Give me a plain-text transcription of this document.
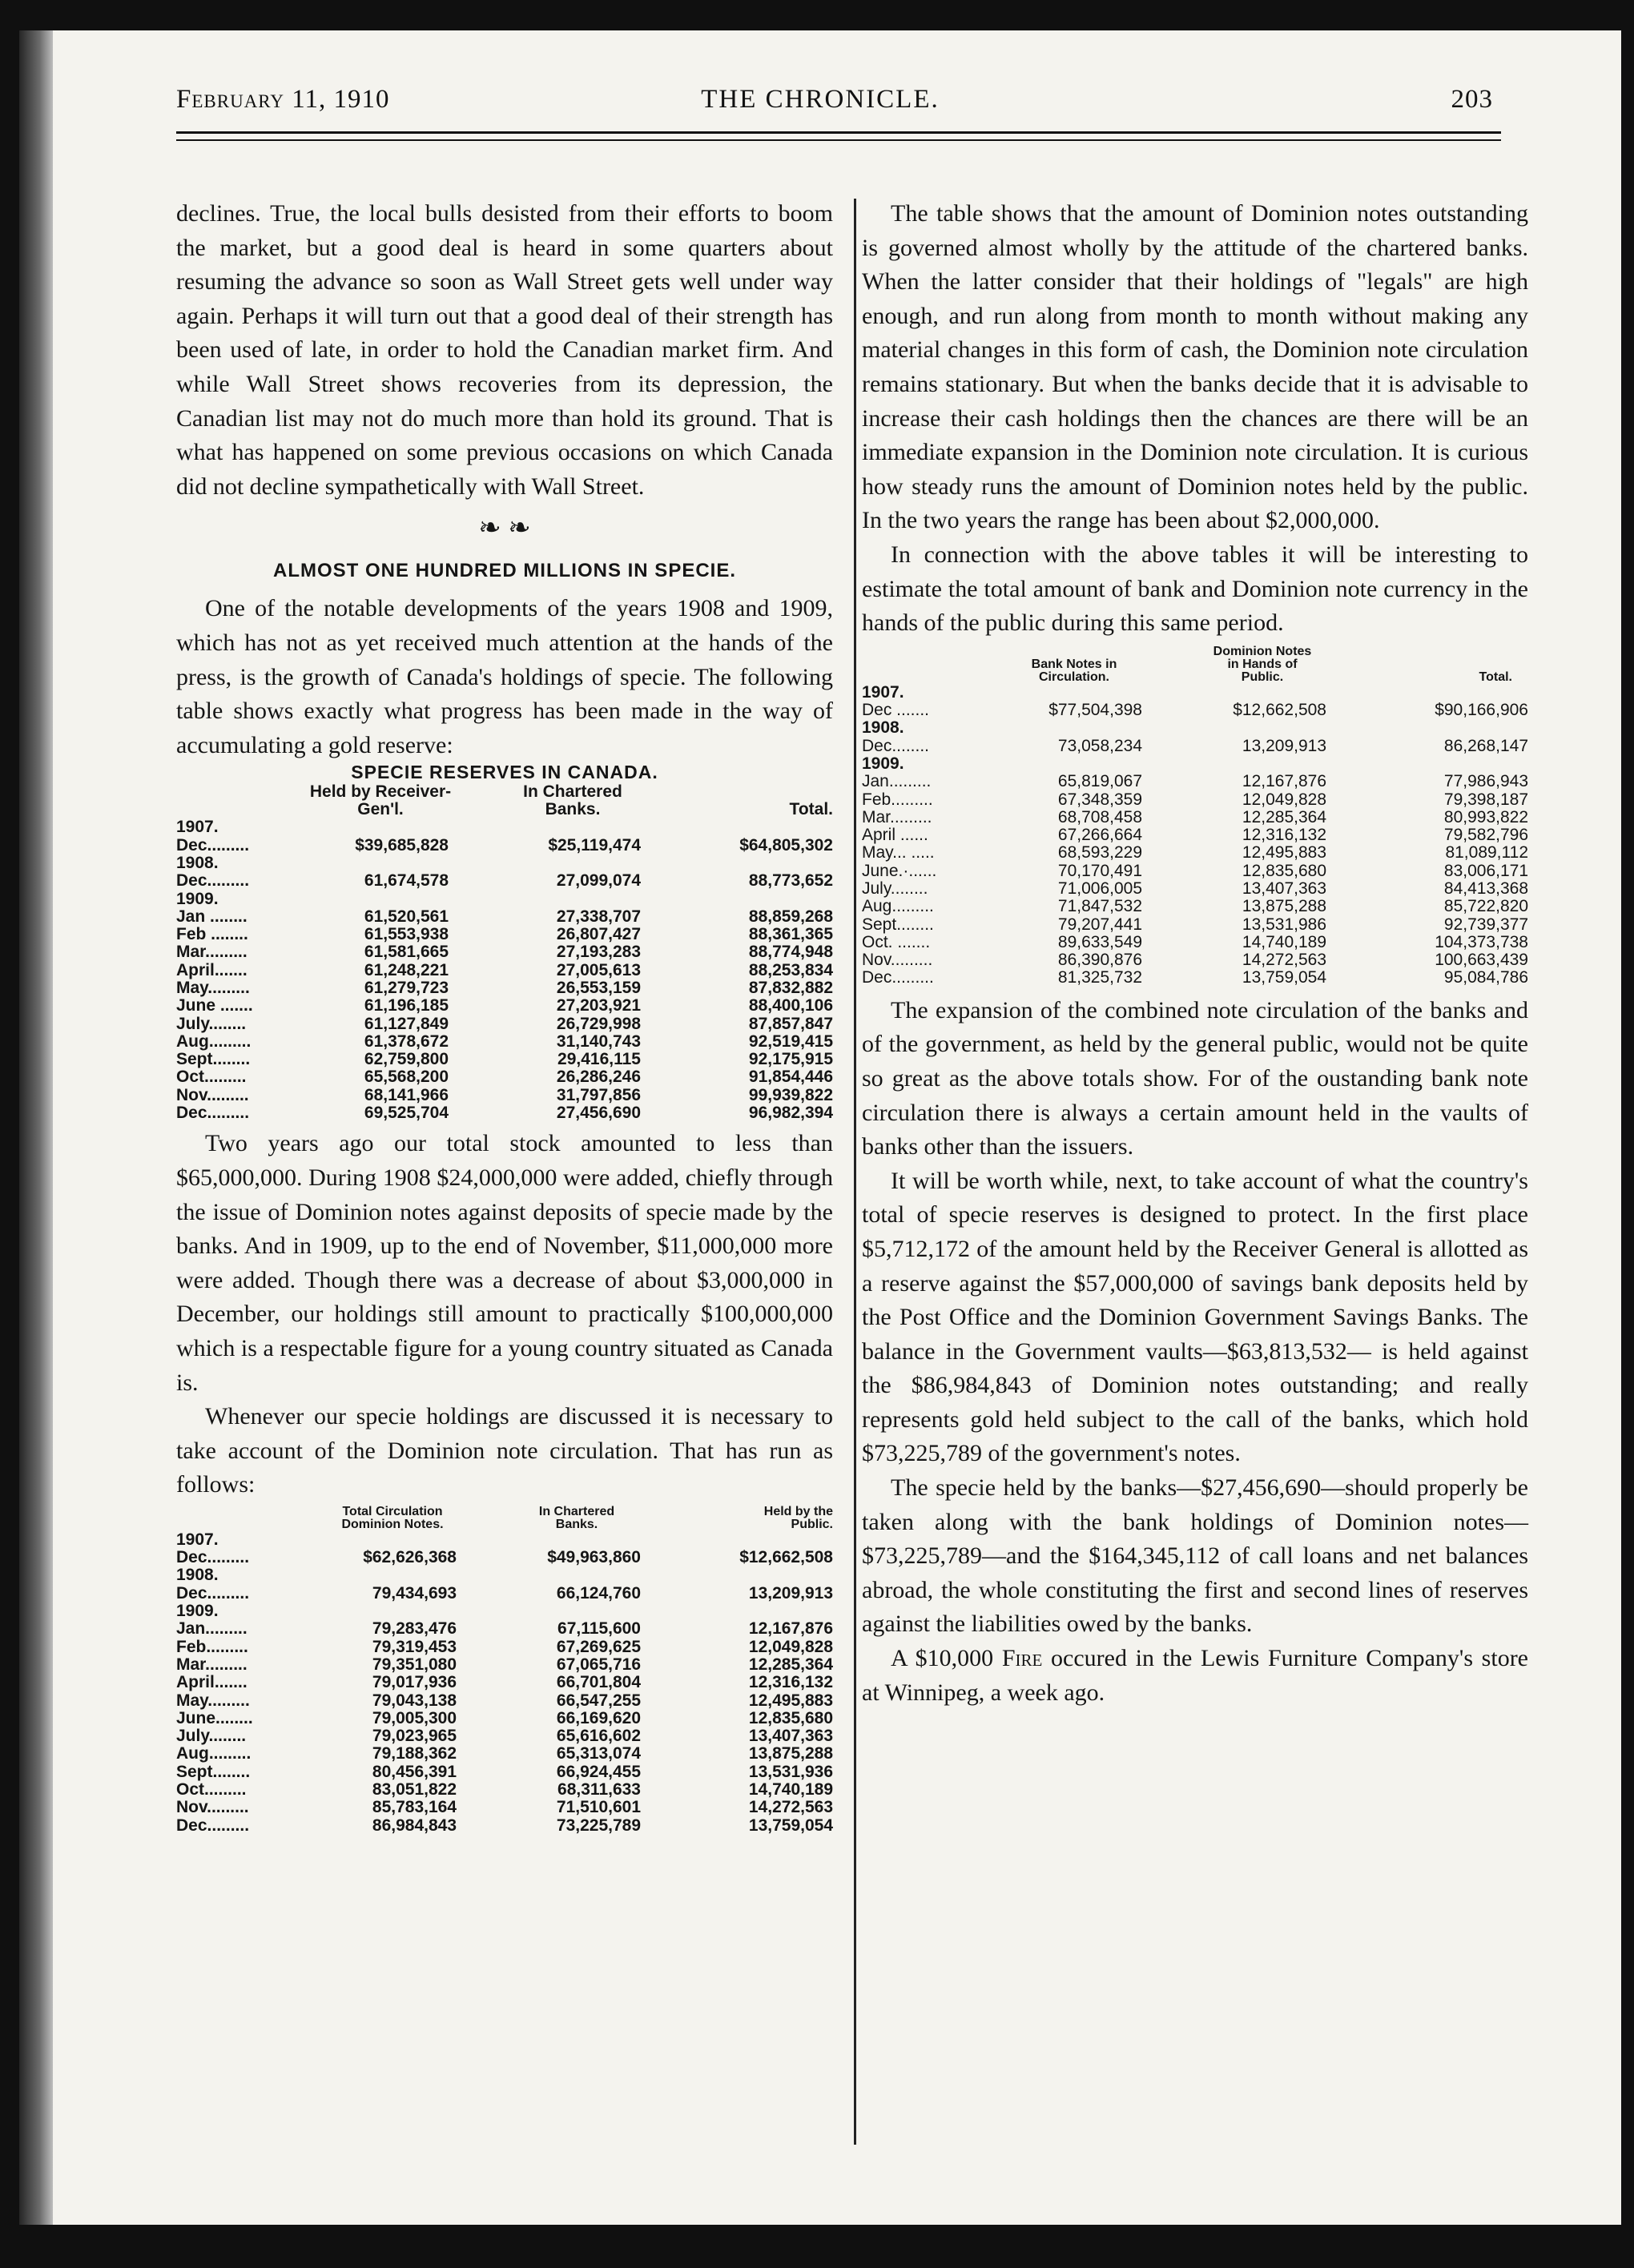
February 11, 1910	THE CHRONICLE.	203

declines. True, the local bulls desisted from their efforts to boom the market, but a good deal is heard in some quarters about resuming the advance so soon as Wall Street gets well under way again. Perhaps it will turn out that a good deal of their strength has been used of late, in order to hold the Canadian market firm. And while Wall Street shows recoveries from its depression, the Canadian list may not do much more than hold its ground. That is what has happened on some previous occasions on which Canada did not decline sympathetically with Wall Street.

❧ ❧
ALMOST ONE HUNDRED MILLIONS IN SPECIE.

One of the notable developments of the years 1908 and 1909, which has not as yet received much attention at the hands of the press, is the growth of Canada's holdings of specie. The following table shows exactly what progress has been made in the way of accumulating a gold reserve:

SPECIE RESERVES IN CANADA.
	Held by Receiver-Gen'l.	In Chartered Banks.	Total.
1907.			
Dec.........	$39,685,828	$25,119,474	$64,805,302
1908.			
Dec.........	61,674,578	27,099,074	88,773,652
1909.			
Jan ........	61,520,561	27,338,707	88,859,268
Feb ........	61,553,938	26,807,427	88,361,365
Mar.........	61,581,665	27,193,283	88,774,948
April.......	61,248,221	27,005,613	88,253,834
May.........	61,279,723	26,553,159	87,832,882
June .......	61,196,185	27,203,921	88,400,106
July........	61,127,849	26,729,998	87,857,847
Aug.........	61,378,672	31,140,743	92,519,415
Sept........	62,759,800	29,416,115	92,175,915
Oct.........	65,568,200	26,286,246	91,854,446
Nov.........	68,141,966	31,797,856	99,939,822
Dec.........	69,525,704	27,456,690	96,982,394

Two years ago our total stock amounted to less than $65,000,000. During 1908 $24,000,000 were added, chiefly through the issue of Dominion notes against deposits of specie made by the banks. And in 1909, up to the end of November, $11,000,000 more were added. Though there was a decrease of about $3,000,000 in December, our holdings still amount to practically $100,000,000 which is a respectable figure for a young country situated as Canada is.

Whenever our specie holdings are discussed it is necessary to take account of the Dominion note circulation. That has run as follows:

	Total Circulation Dominion Notes.	In Chartered Banks.	Held by the Public.
1907.			
Dec.........	$62,626,368	$49,963,860	$12,662,508
1908.			
Dec.........	79,434,693	66,124,760	13,209,913
1909.			
Jan.........	79,283,476	67,115,600	12,167,876
Feb.........	79,319,453	67,269,625	12,049,828
Mar.........	79,351,080	67,065,716	12,285,364
April.......	79,017,936	66,701,804	12,316,132
May.........	79,043,138	66,547,255	12,495,883
June........	79,005,300	66,169,620	12,835,680
July........	79,023,965	65,616,602	13,407,363
Aug.........	79,188,362	65,313,074	13,875,288
Sept........	80,456,391	66,924,455	13,531,936
Oct.........	83,051,822	68,311,633	14,740,189
Nov.........	85,783,164	71,510,601	14,272,563
Dec.........	86,984,843	73,225,789	13,759,054

The table shows that the amount of Dominion notes outstanding is governed almost wholly by the attitude of the chartered banks. When the latter consider that their holdings of "legals" are high enough, and run along from month to month without making any material changes in this form of cash, the Dominion note circulation remains stationary. But when the banks decide that it is advisable to increase their cash holdings then the chances are there will be an immediate expansion in the Dominion note circulation. It is curious how steady runs the amount of Dominion notes held by the public. In the two years the range has been about $2,000,000.

In connection with the above tables it will be interesting to estimate the total amount of bank and Dominion note currency in the hands of the public during this same period.

	Bank Notes in Circulation.	Dominion Notes in Hands of Public.	Total.
1907.			
Dec .......	$77,504,398	$12,662,508	$90,166,906
1908.			
Dec........	73,058,234	13,209,913	86,268,147
1909.			
Jan.........	65,819,067	12,167,876	77,986,943
Feb.........	67,348,359	12,049,828	79,398,187
Mar.........	68,708,458	12,285,364	80,993,822
April ......	67,266,664	12,316,132	79,582,796
May... .....	68,593,229	12,495,883	81,089,112
June.·......	70,170,491	12,835,680	83,006,171
July........	71,006,005	13,407,363	84,413,368
Aug.........	71,847,532	13,875,288	85,722,820
Sept........	79,207,441	13,531,986	92,739,377
Oct. .......	89,633,549	14,740,189	104,373,738
Nov.........	86,390,876	14,272,563	100,663,439
Dec.........	81,325,732	13,759,054	95,084,786

The expansion of the combined note circulation of the banks and of the government, as held by the general public, would not be quite so great as the above totals show. For of the oustanding bank note circulation there is always a certain amount held in the vaults of banks other than the issuers.

It will be worth while, next, to take account of what the country's total of specie reserves is designed to protect. In the first place $5,712,172 of the amount held by the Receiver General is allotted as a reserve against the $57,000,000 of savings bank deposits held by the Post Office and the Dominion Government Savings Banks. The balance in the Government vaults—$63,813,532— is held against the $86,984,843 of Dominion notes outstanding; and really represents gold held subject to the call of the banks, which hold $73,225,789 of the government's notes.

The specie held by the banks—$27,456,690—should properly be taken along with the bank holdings of Dominion notes—$73,225,789—and the $164,345,112 of call loans and net balances abroad, the whole constituting the first and second lines of reserves against the liabilities owed by the banks.

A $10,000 Fire occured in the Lewis Furniture Company's store at Winnipeg, a week ago.
